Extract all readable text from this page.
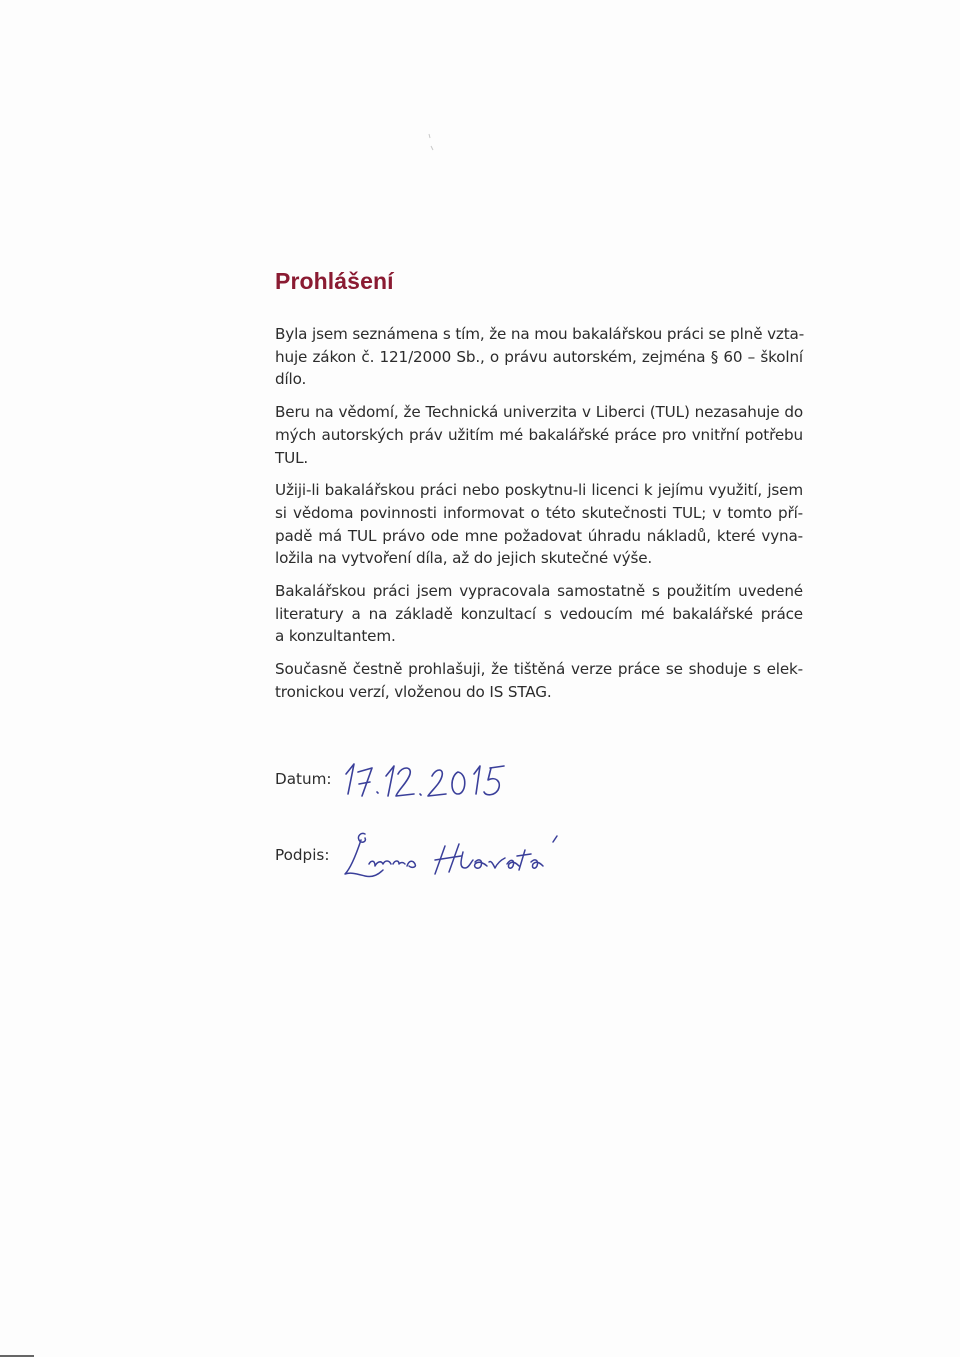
Prohlášení

Byla jsem seznámena s tím, že na mou bakalářskou práci se plně vzta-
huje zákon č. 121/2000 Sb., o právu autorském, zejména § 60 – školní
dílo.

Beru na vědomí, že Technická univerzita v Liberci (TUL) nezasahuje do
mých autorských práv užitím mé bakalářské práce pro vnitřní potřebu
TUL.

Užiji-li bakalářskou práci nebo poskytnu-li licenci k jejímu využití, jsem
si vědoma povinnosti informovat o této skutečnosti TUL; v tomto pří-
padě má TUL právo ode mne požadovat úhradu nákladů, které vyna-
ložila na vytvoření díla, až do jejich skutečné výše.

Bakalářskou práci jsem vypracovala samostatně s použitím uvedené
literatury a na základě konzultací s vedoucím mé bakalářské práce
a konzultantem.

Současně čestně prohlašuji, že tištěná verze práce se shoduje s elek-
tronickou verzí, vloženou do IS STAG.

Datum:
Podpis:
